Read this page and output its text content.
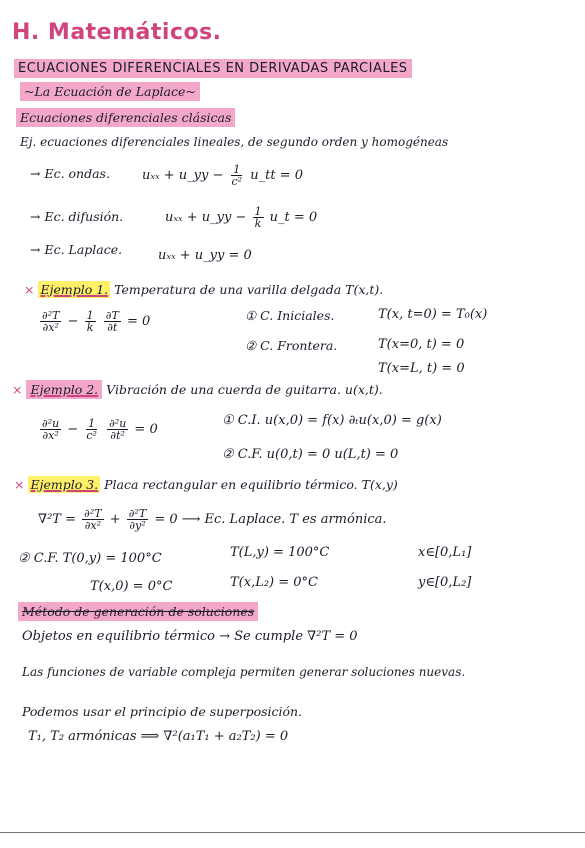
H. Matemáticos.
ECUACIONES DIFERENCIALES EN DERIVADAS PARCIALES
~La Ecuación de Laplace~
Ecuaciones diferenciales clásicas
Ej. ecuaciones diferenciales lineales, de segundo orden y homogéneas
→ Ec. ondas. uₓₓ + u_yy − $\frac{1}{\text{c²}}$ u_tt = 0
→ Ec. difusión.	uₓₓ + u_yy − $\frac{1}{k}$ u_t = 0
→ Ec. Laplace.	uₓₓ + u_yy = 0
× Ejemplo 1. Temperatura de una varilla delgada T(x,t).
$\frac{\text{∂²T}}{\text{∂x²}} - \frac{1}{k}$
$\frac{\partial T}{\partial t} = 0$	① C. Iniciales.	T(x, t=0) = T₀(x)
② C. Frontera.	T(x=0, t) = 0
T(x=L, t) = 0
× Ejemplo 2. Vibración de una cuerda de guitarra. u(x,t).
$\frac{\text{∂²u}}{\text{∂x²}} - \frac{1}{\text{c²}}$
$\frac{\text{∂²u}}{\text{∂t²}} = 0$
① C.I. u(x,0) = f(x) ∂ₜu(x,0) = g(x)
② C.F. u(0,t) = 0 u(L,t) = 0
× Ejemplo 3. Placa rectangular en equilibrio térmico. T(x,y)
$\nabla^2T = \frac{\text{∂²T}}{\text{∂x²}} + \frac{\text{∂²T}}{\text{∂y²}} = 0$ ⟶ Ec. Laplace. T es armónica.
② C.F. T(0,y) = 100°C	T(L,y) = 100°C	x∈[0,L₁]
T(x,0) = 0°C	T(x,L₂) = 0°C	y∈[0,L₂]
Método de generación de soluciones
Objetos en equilibrio térmico → Se cumple ∇²T = 0
Las funciones de variable compleja permiten generar soluciones nuevas.
Podemos usar el principio de superposición.
T₁, T₂ armónicas ⟹ ∇²(a₁T₁ + a₂T₂) = 0
